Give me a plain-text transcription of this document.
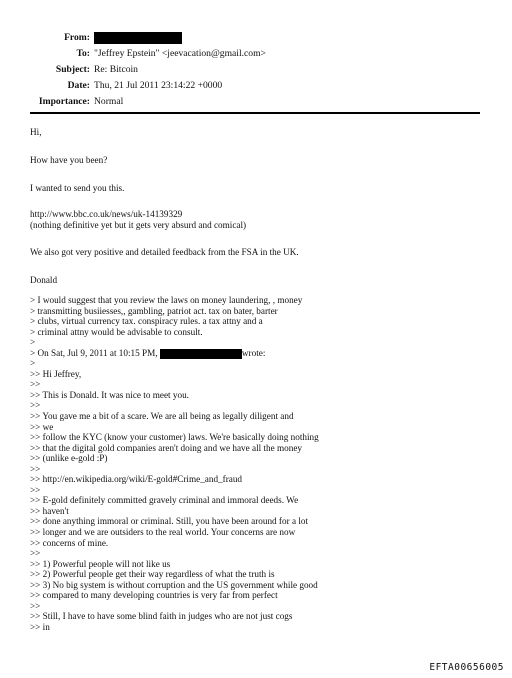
From:
To: "Jeffrey Epstein" <jeevacation@gmail.com>
Subject: Re: Bitcoin
Date: Thu, 21 Jul 2011 23:14:22 +0000
Importance: Normal

Hi,

How have you been?

I wanted to send you this.

http://www.bbc.co.uk/news/uk-14139329

(nothing definitive yet but it gets very absurd and comical)

We also got very positive and detailed feedback from the FSA in the UK.

Donald

> I would suggest that you review the laws on money laundering, , money
> transmitting busiiesses,, gambling, patriot act. tax on bater, barter
> clubs, virtual currency tax. conspiracy rules. a tax attny and a
> criminal attny would be advisable to consult.
>
> On Sat, Jul 9, 2011 at 10:15 PM,	wrote:
>
>> Hi Jeffrey,
>>
>> This is Donald. It was nice to meet you.
>>
>> You gave me a bit of a scare. We are all being as legally diligent and
>> we
>> follow the KYC (know your customer) laws. We're basically doing nothing
>> that the digital gold companies aren't doing and we have all the money
>> (unlike e-gold :P)
>>
>> http://en.wikipedia.org/wiki/E-gold#Crime_and_fraud
>>
>> E-gold definitely committed gravely criminal and immoral deeds. We
>> haven't
>> done anything immoral or criminal. Still, you have been around for a lot
>> longer and we are outsiders to the real world. Your concerns are now
>> concerns of mine.
>>
>> 1) Powerful people will not like us
>> 2) Powerful people get their way regardless of what the truth is
>> 3) No big system is without corruption and the US government while good
>> compared to many developing countries is very far from perfect
>>
>> Still, I have to have some blind faith in judges who are not just cogs
>> in
EFTA00656005
